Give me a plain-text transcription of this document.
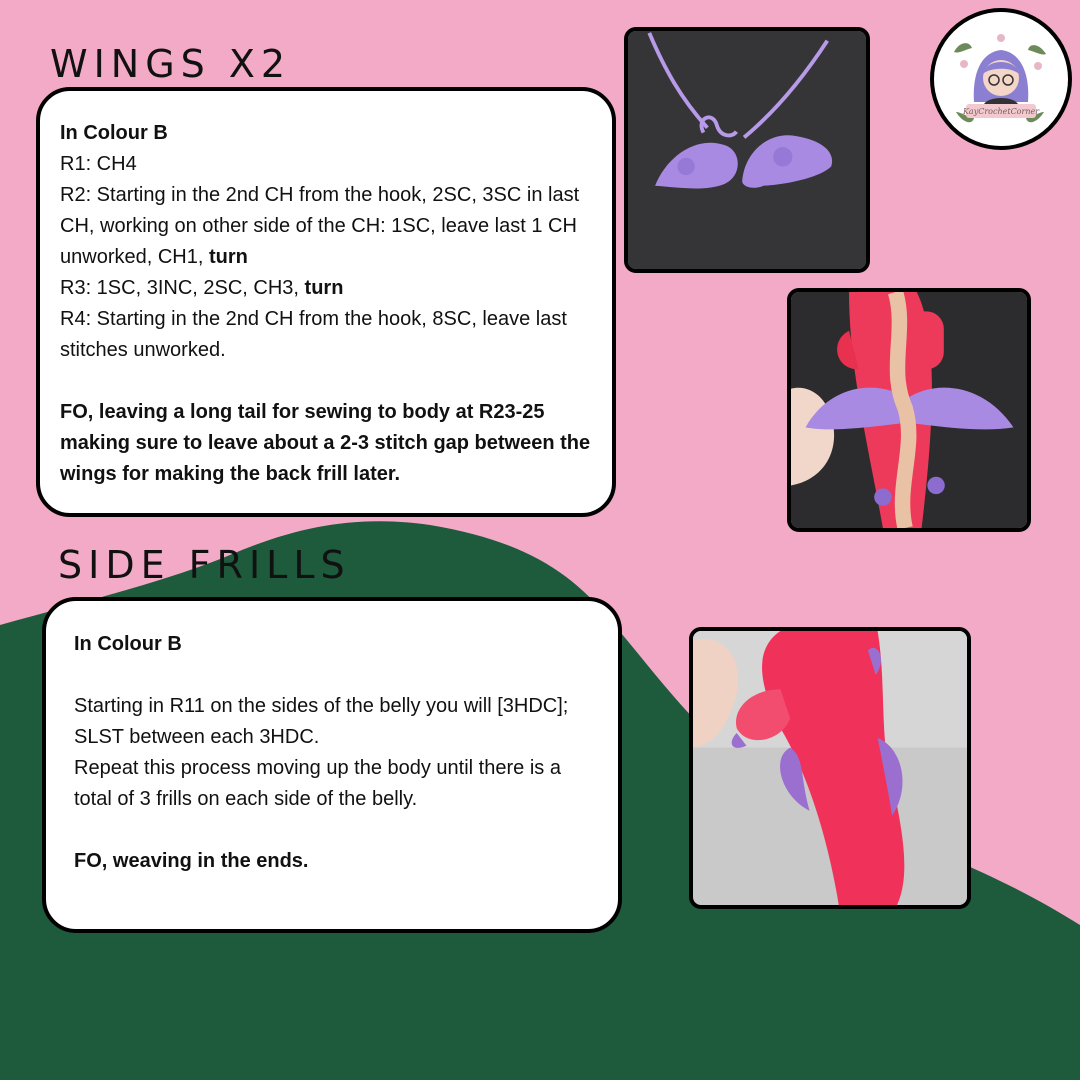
WINGS X2

In Colour B

R1: CH4

R2: Starting in the 2nd CH from the hook, 2SC, 3SC in last CH, working on other side of the CH: 1SC, leave last 1 CH unworked, CH1, turn

R3: 1SC, 3INC, 2SC, CH3, turn

R4: Starting in the 2nd CH from the hook, 8SC, leave last stitches unworked.

FO, leaving a long tail for sewing to body at R23-25 making sure to leave about a 2-3 stitch gap between the wings for making the back frill later.

SIDE FRILLS

In Colour B

Starting in R11 on the sides of the belly you will [3HDC]; SLST between each 3HDC.

Repeat this process moving up the body until there is a total of 3 frills on each side of the belly.

FO, weaving in the ends.

KayCrochetCorner
